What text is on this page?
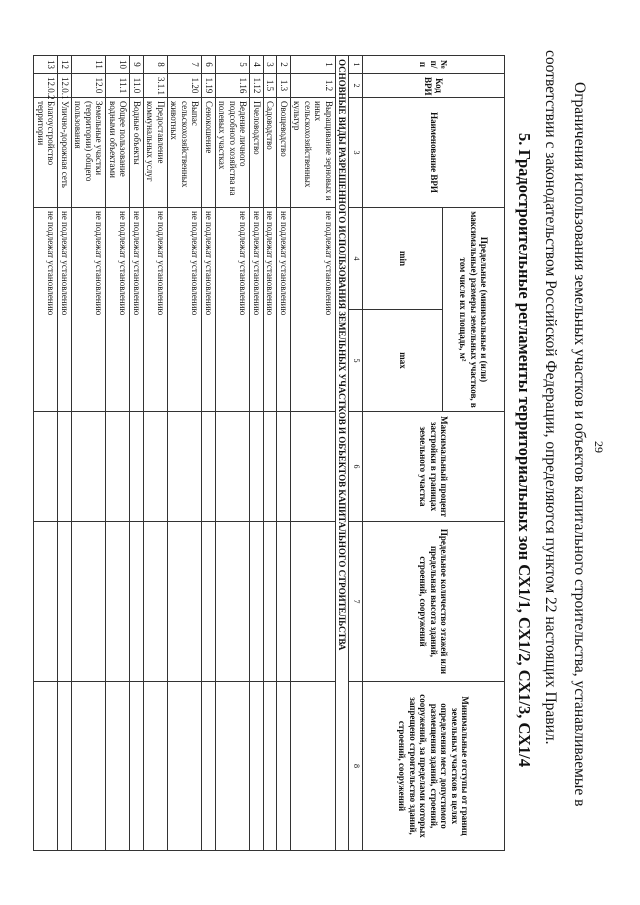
29
Ограничения использования земельных участков и объектов капитального строительства, устанавливаемые в
соответствии с законодательством Российской Федерации, определяются пунктом 22 настоящих Правил.
5. Градостроительные регламенты территориальных зон СХ1/1, СХ1/2, СХ1/3, СХ1/4
№ п/п	Код ВРИ	Наименование ВРИ	Предельные (минимальные и (или) максимальные) размеры земельных участков, в том числе их площадь, м²		Максимальный процент застройки в границах земельного участка	Предельное количество этажей или предельная высота зданий, строений, сооружений	Минимальные отступы от границ земельных участков в целях определения мест допустимого размещения зданий, строений, сооружений, за пределами которых запрещено строительство зданий, строений, сооружений
			min	max			
1	2	3	4	5	6	7	8
ОСНОВНЫЕ ВИДЫ РАЗРЕШЕННОГО ИСПОЛЬЗОВАНИЯ ЗЕМЕЛЬНЫХ УЧАСТКОВ И ОБЪЕКТОВ КАПИТАЛЬНОГО СТРОИТЕЛЬСТВА							
1	1.2	Выращивание зерновых и иных сельскохозяйственных культур	не подлежат установлению				
2	1.3	Овощеводство	не подлежат установлению				
3	1.5	Садоводство	не подлежат установлению				
4	1.12	Пчеловодство	не подлежат установлению				
5	1.16	Ведение личного подсобного хозяйства на полевых участках	не подлежат установлению				
6	1.19	Сенокошение	не подлежат установлению				
7	1.20	Выпас сельскохозяйственных животных	не подлежат установлению				
8	3.1.1	Предоставление коммунальных услуг	не подлежат установлению				
9	11.0	Водные объекты	не подлежат установлению				
10	11.1	Общее пользование водными объектами	не подлежат установлению				
11	12.0	Земельные участки (территории) общего пользования	не подлежат установлению				
12	12.0.1	Улично-дорожная сеть	не подлежат установлению				
13	12.0.2	Благоустройство территории	не подлежат установлению				
